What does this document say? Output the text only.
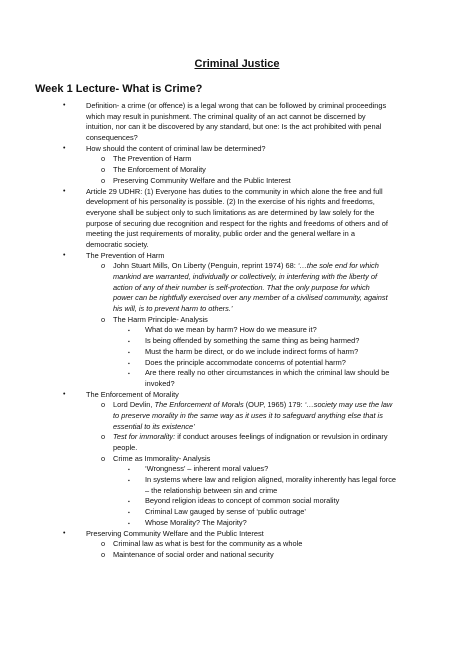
Criminal Justice
Week 1 Lecture- What is Crime?
•	Definition- a crime (or offence) is a legal wrong that can be followed by criminal proceedings
which may result in punishment. The criminal quality of an act cannot be discerned by
intuition, nor can it be discovered by any standard, but one: Is the act prohibited with penal
consequences?
•	How should the content of criminal law be determined?
o The Prevention of Harm
o The Enforcement of Morality
o Preserving Community Welfare and the Public Interest
•	Article 29 UDHR: (1) Everyone has duties to the community in which alone the free and full
development of his personality is possible. (2) In the exercise of his rights and freedoms,
everyone shall be subject only to such limitations as are determined by law solely for the
purpose of securing due recognition and respect for the rights and freedoms of others and of
meeting the just requirements of morality, public order and the general welfare in a
democratic society.
•	The Prevention of Harm
o John Stuart Mills, On Liberty (Penguin, reprint 1974) 68: ‘…the sole end for which
mankind are warranted, individually or collectively, in interfering with the liberty of
action of any of their number is self-protection. That the only purpose for which
power can be rightfully exercised over any member of a civilised community, against
his will, is to prevent harm to others.’
o The Harm Principle- Analysis
▪ What do we mean by harm? How do we measure it?
▪ Is being offended by something the same thing as being harmed?
▪ Must the harm be direct, or do we include indirect forms of harm?
▪ Does the principle accommodate concerns of potential harm?
▪ Are there really no other circumstances in which the criminal law should be
invoked?
•	The Enforcement of Morality
o Lord Devlin, The Enforcement of Morals (OUP, 1965) 179: ‘…society may use the law
to preserve morality in the same way as it uses it to safeguard anything else that is
essential to its existence’
o Test for immorality: if conduct arouses feelings of indignation or revulsion in ordinary
people.
o Crime as Immorality- Analysis
▪ ‘Wrongness’ – inherent moral values?
▪ In systems where law and religion aligned, morality inherently has legal force
– the relationship between sin and crime
▪ Beyond religion ideas to concept of common social morality
▪ Criminal Law gauged by sense of ‘public outrage’
▪ Whose Morality? The Majority?
•	Preserving Community Welfare and the Public Interest
o Criminal law as what is best for the community as a whole
o Maintenance of social order and national security
